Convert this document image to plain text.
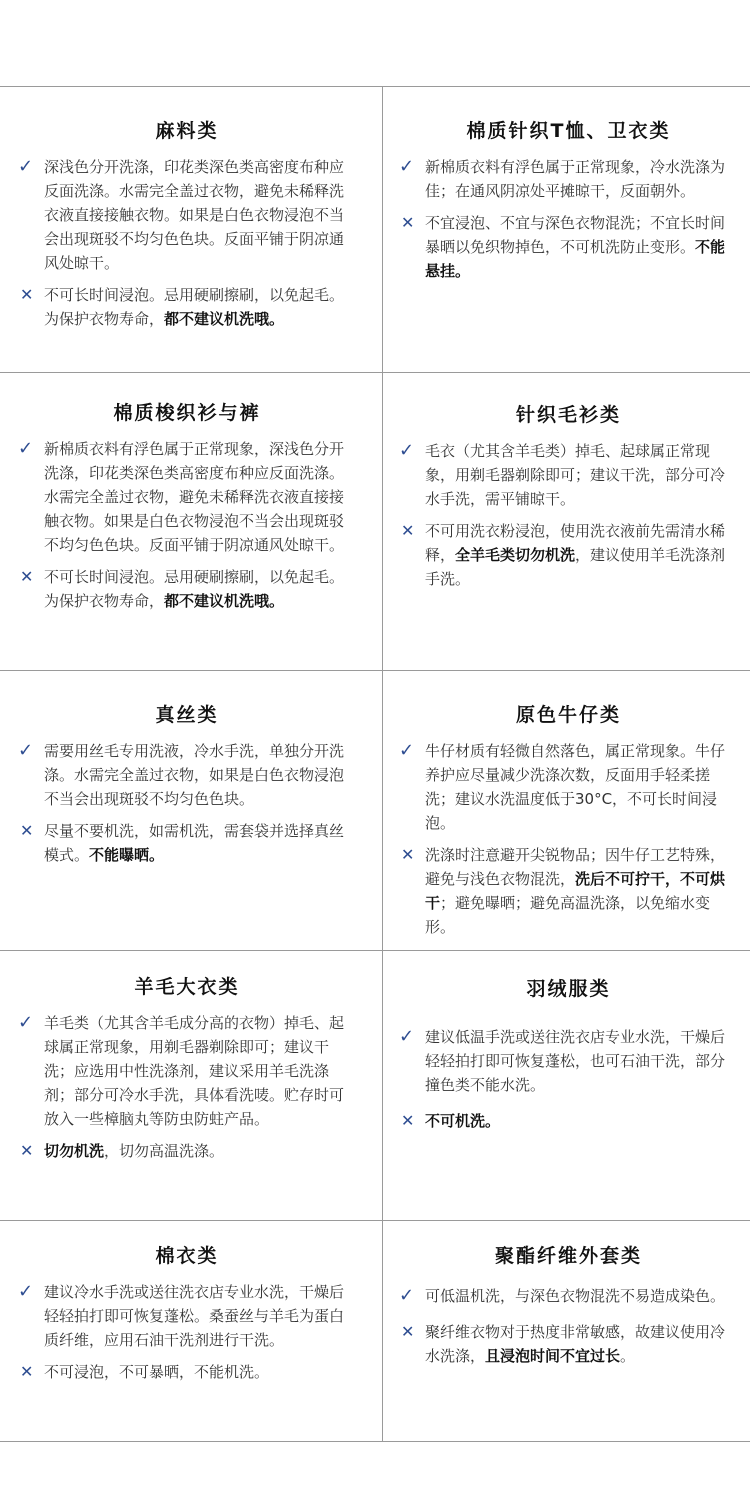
麻料类
✓ 深浅色分开洗涤，印花类深色类高密度布种应反面洗涤。水需完全盖过衣物，避免未稀释洗衣液直接接触衣物。如果是白色衣物浸泡不当会出现斑驳不均匀色色块。反面平铺于阴凉通风处晾干。
✕ 不可长时间浸泡。忌用硬刷擦刷，以免起毛。为保护衣物寿命，都不建议机洗哦。
棉质针织T恤、卫衣类
✓ 新棉质衣料有浮色属于正常现象，冷水洗涤为佳；在通风阴凉处平摊晾干，反面朝外。
✕ 不宜浸泡、不宜与深色衣物混洗；不宜长时间暴晒以免织物掉色，不可机洗防止变形。不能悬挂。
棉质梭织衫与裤
✓ 新棉质衣料有浮色属于正常现象，深浅色分开洗涤，印花类深色类高密度布种应反面洗涤。水需完全盖过衣物，避免未稀释洗衣液直接接触衣物。如果是白色衣物浸泡不当会出现斑驳不均匀色色块。反面平铺于阴凉通风处晾干。
✕ 不可长时间浸泡。忌用硬刷擦刷，以免起毛。为保护衣物寿命，都不建议机洗哦。
针织毛衫类
✓ 毛衣（尤其含羊毛类）掉毛、起球属正常现象，用剃毛器剃除即可；建议干洗，部分可冷水手洗，需平铺晾干。
✕ 不可用洗衣粉浸泡，使用洗衣液前先需清水稀释，全羊毛类切勿机洗，建议使用羊毛洗涤剂手洗。
真丝类
✓ 需要用丝毛专用洗液，冷水手洗，单独分开洗涤。水需完全盖过衣物，如果是白色衣物浸泡不当会出现斑驳不均匀色色块。
✕ 尽量不要机洗，如需机洗，需套袋并选择真丝模式。不能曝晒。
原色牛仔类
✓ 牛仔材质有轻微自然落色，属正常现象。牛仔养护应尽量减少洗涤次数，反面用手轻柔搓洗；建议水洗温度低于30°C，不可长时间浸泡。
✕ 洗涤时注意避开尖锐物品；因牛仔工艺特殊，避免与浅色衣物混洗，洗后不可拧干，不可烘干；避免曝晒；避免高温洗涤，以免缩水变形。
羊毛大衣类
✓ 羊毛类（尤其含羊毛成分高的衣物）掉毛、起球属正常现象，用剃毛器剃除即可；建议干洗；应选用中性洗涤剂，建议采用羊毛洗涤剂；部分可冷水手洗，具体看洗唛。贮存时可放入一些樟脑丸等防虫防蛀产品。
✕ 切勿机洗，切勿高温洗涤。
羽绒服类
✓ 建议低温手洗或送往洗衣店专业水洗，干燥后轻轻拍打即可恢复蓬松，也可石油干洗，部分撞色类不能水洗。
✕ 不可机洗。
棉衣类
✓ 建议冷水手洗或送往洗衣店专业水洗，干燥后轻轻拍打即可恢复蓬松。桑蚕丝与羊毛为蛋白质纤维，应用石油干洗剂进行干洗。
✕ 不可浸泡，不可暴晒，不能机洗。
聚酯纤维外套类
✓ 可低温机洗，与深色衣物混洗不易造成染色。
✕ 聚纤维衣物对于热度非常敏感，故建议使用冷水洗涤，且浸泡时间不宜过长。
